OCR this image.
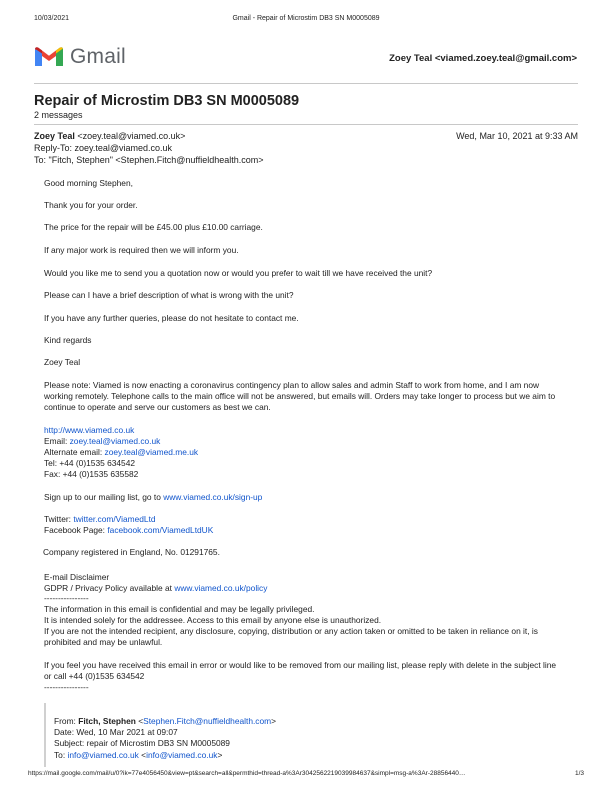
10/03/2021	Gmail - Repair of Microstim DB3 SN M0005089
Gmail	Zoey Teal <viamed.zoey.teal@gmail.com>
Repair of Microstim DB3 SN M0005089
2 messages
Zoey Teal <zoey.teal@viamed.co.uk>	Wed, Mar 10, 2021 at 9:33 AM
Reply-To: zoey.teal@viamed.co.uk
To: "Fitch, Stephen" <Stephen.Fitch@nuffieldhealth.com>

Good morning Stephen,

Thank you for your order.

The price for the repair will be £45.00 plus £10.00 carriage.

If any major work is required then we will inform you.

Would you like me to send you a quotation now or would you prefer to wait till we have received the unit?

Please can I have a brief description of what is wrong with the unit?

If you have any further queries, please do not hesitate to contact me.

Kind regards

Zoey Teal

Please note: Viamed is now enacting a coronavirus contingency plan to allow sales and admin Staff to work from home, and I am now working remotely. Telephone calls to the main office will not be answered, but emails will. Orders may take longer to process but we aim to continue to operate and serve our customers as best we can.

http://www.viamed.co.uk

Email: zoey.teal@viamed.co.uk

Alternate email: zoey.teal@viamed.me.uk

Tel: +44 (0)1535 634542

Fax: +44 (0)1535 635582

Sign up to our mailing list, go to www.viamed.co.uk/sign-up

Twitter: twitter.com/ViamedLtd

Facebook Page: facebook.com/ViamedLtdUK

Company registered in England, No. 01291765.

E-mail Disclaimer

GDPR / Privacy Policy available at www.viamed.co.uk/policy

----------------

The information in this email is confidential and may be legally privileged.

It is intended solely for the addressee. Access to this email by anyone else is unauthorized.

If you are not the intended recipient, any disclosure, copying, distribution or any action taken or omitted to be taken in reliance on it, is prohibited and may be unlawful.

If you feel you have received this email in error or would like to be removed from our mailing list, please reply with delete in the subject line or call +44 (0)1535 634542

----------------

From: Fitch, Stephen <Stephen.Fitch@nuffieldhealth.com>

Date: Wed, 10 Mar 2021 at 09:07

Subject: repair of Microstim DB3 SN M0005089

To: info@viamed.co.uk <info@viamed.co.uk>

https://mail.google.com/mail/u/0?ik=77e4056450&view=pt&search=all&permthid=thread-a%3Ar3042562219039984637&simpl=msg-a%3Ar-28856440…	1/3
